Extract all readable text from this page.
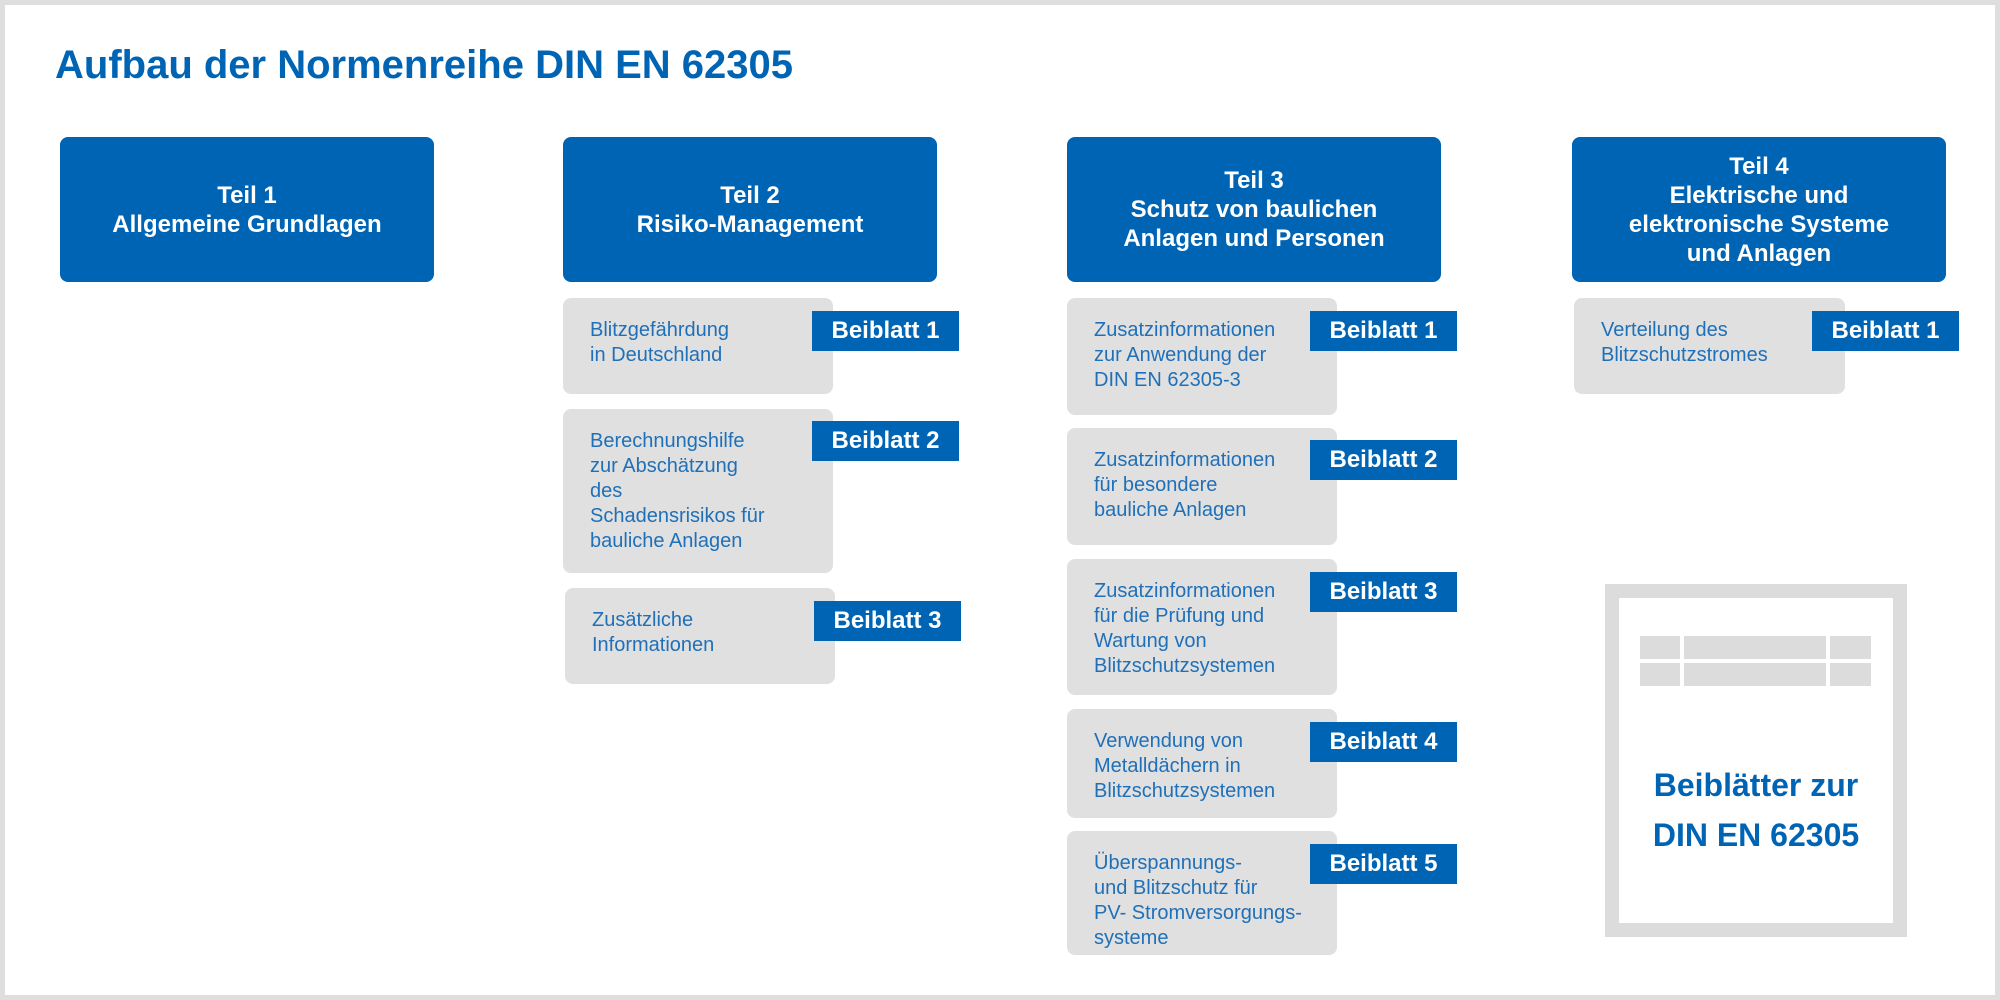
Aufbau der Normenreihe DIN EN 62305
Teil 1
Allgemeine Grundlagen
Teil 2
Risiko-Management
Teil 3
Schutz von baulichen
Anlagen und Personen
Teil 4
Elektrische und
elektronische Systeme
und Anlagen
Blitzgefährdung
in Deutschland
Beiblatt 1
Berechnungshilfe
zur Abschätzung
des
Schadensrisikos für
bauliche Anlagen
Beiblatt 2
Zusätzliche
Informationen
Beiblatt 3
Zusatzinformationen
zur Anwendung der
DIN EN 62305-3
Beiblatt 1
Zusatzinformationen
für besondere
bauliche Anlagen
Beiblatt 2
Zusatzinformationen
für die Prüfung und
Wartung von
Blitzschutzsystemen
Beiblatt 3
Verwendung von
Metalldächern in
Blitzschutzsystemen
Beiblatt 4
Überspannungs-
und Blitzschutz für
PV- Stromversorgungs-
systeme
Beiblatt 5
Verteilung des
Blitzschutzstromes
Beiblatt 1
Beiblätter zur
DIN EN 62305
